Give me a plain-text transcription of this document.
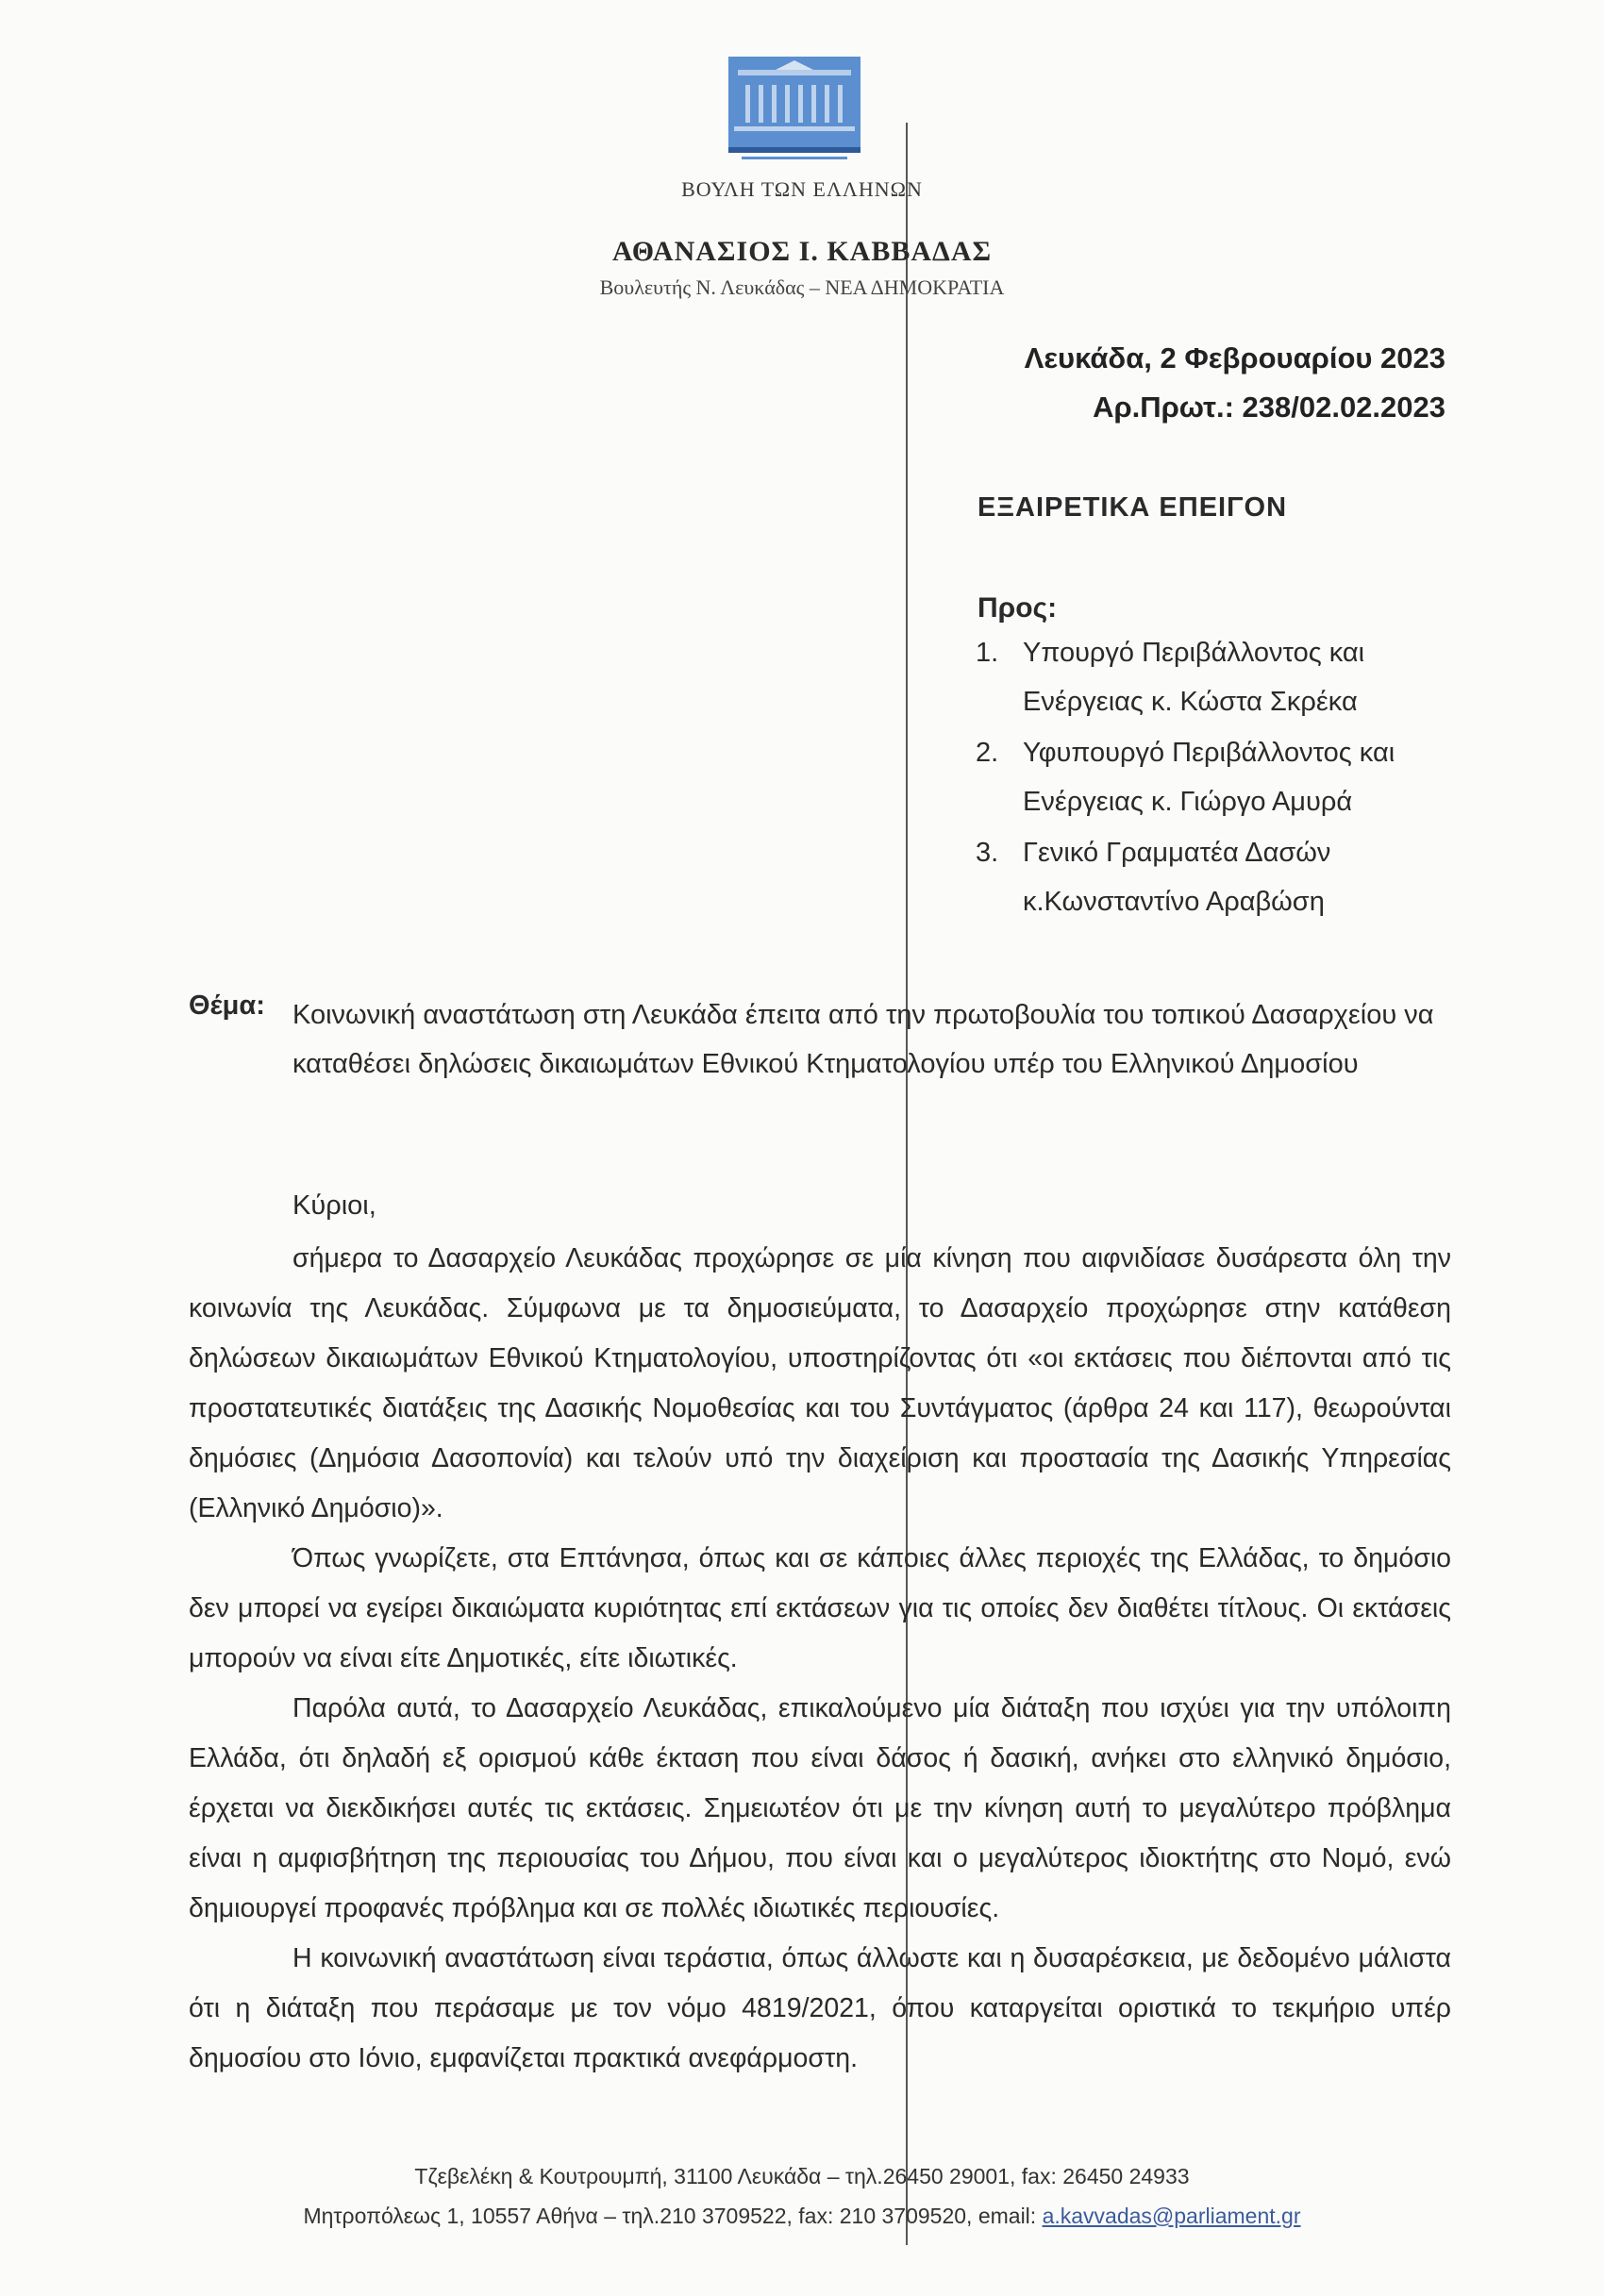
ΒΟΥΛΗ ΤΩΝ ΕΛΛΗΝΩΝ
ΑΘΑΝΑΣΙΟΣ Ι. ΚΑΒΒΑΔΑΣ
Βουλευτής Ν. Λευκάδας – ΝΕΑ ΔΗΜΟΚΡΑΤΙΑ
Λευκάδα, 2 Φεβρουαρίου 2023
Αρ.Πρωτ.: 238/02.02.2023
ΕΞΑΙΡΕΤΙΚΑ ΕΠΕΙΓΟΝ
Προς:
1. Υπουργό Περιβάλλοντος και
Ενέργειας κ. Κώστα Σκρέκα
2. Υφυπουργό Περιβάλλοντος και
Ενέργειας κ. Γιώργο Αμυρά
3. Γενικό Γραμματέα Δασών
κ.Κωνσταντίνο Αραβώση
Θέμα: Κοινωνική αναστάτωση στη Λευκάδα έπειτα από την πρωτοβουλία του τοπικού Δασαρχείου να καταθέσει δηλώσεις δικαιωμάτων Εθνικού Κτηματολογίου υπέρ του Ελληνικού Δημοσίου
Κύριοι,

σήμερα το Δασαρχείο Λευκάδας προχώρησε σε μία κίνηση που αιφνιδίασε δυσάρεστα όλη την κοινωνία της Λευκάδας. Σύμφωνα με τα δημοσιεύματα, το Δασαρχείο προχώρησε στην κατάθεση δηλώσεων δικαιωμάτων Εθνικού Κτηματολογίου, υποστηρίζοντας ότι «οι εκτάσεις που διέπονται από τις προστατευτικές διατάξεις της Δασικής Νομοθεσίας και του Συντάγματος (άρθρα 24 και 117), θεωρούνται δημόσιες (Δημόσια Δασοπονία) και τελούν υπό την διαχείριση και προστασία της Δασικής Υπηρεσίας (Ελληνικό Δημόσιο)».

Όπως γνωρίζετε, στα Επτάνησα, όπως και σε κάποιες άλλες περιοχές της Ελλάδας, το δημόσιο δεν μπορεί να εγείρει δικαιώματα κυριότητας επί εκτάσεων για τις οποίες δεν διαθέτει τίτλους. Οι εκτάσεις μπορούν να είναι είτε Δημοτικές, είτε ιδιωτικές.

Παρόλα αυτά, το Δασαρχείο Λευκάδας, επικαλούμενο μία διάταξη που ισχύει για την υπόλοιπη Ελλάδα, ότι δηλαδή εξ ορισμού κάθε έκταση που είναι δάσος ή δασική, ανήκει στο ελληνικό δημόσιο, έρχεται να διεκδικήσει αυτές τις εκτάσεις. Σημειωτέον ότι με την κίνηση αυτή το μεγαλύτερο πρόβλημα είναι η αμφισβήτηση της περιουσίας του Δήμου, που είναι και ο μεγαλύτερος ιδιοκτήτης στο Νομό, ενώ δημιουργεί προφανές πρόβλημα και σε πολλές ιδιωτικές περιουσίες.

Η κοινωνική αναστάτωση είναι τεράστια, όπως άλλωστε και η δυσαρέσκεια, με δεδομένο μάλιστα ότι η διάταξη που περάσαμε με τον νόμο 4819/2021, όπου καταργείται οριστικά το τεκμήριο υπέρ δημοσίου στο Ιόνιο, εμφανίζεται πρακτικά ανεφάρμοστη.

Τζεβελέκη & Κουτρουμπή, 31100 Λευκάδα – τηλ.26450 29001, fax: 26450 24933
Μητροπόλεως 1, 10557 Αθήνα – τηλ.210 3709522, fax: 210 3709520, email: a.kavvadas@parliament.gr
